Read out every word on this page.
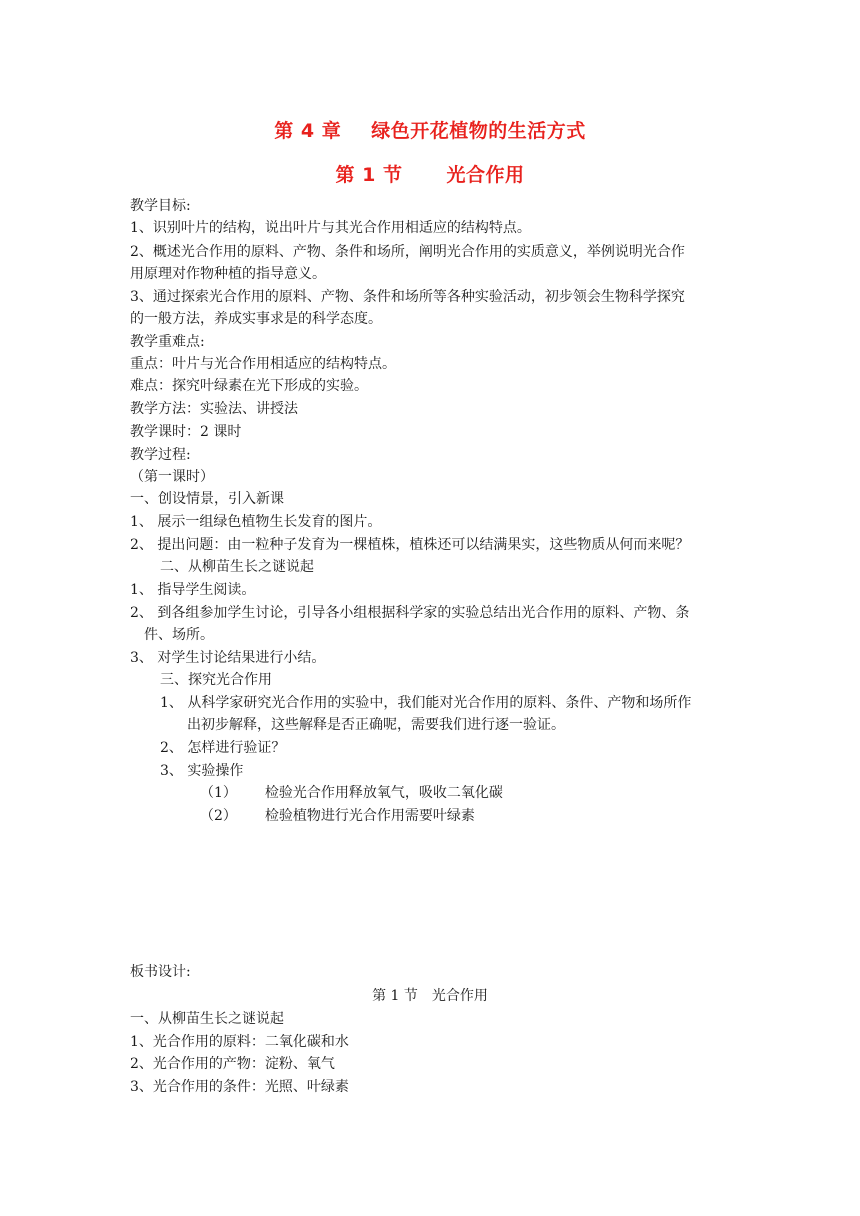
第 4 章 绿色开花植物的生活方式
第 1 节 光合作用
教学目标:
1、识别叶片的结构，说出叶片与其光合作用相适应的结构特点。
2、概述光合作用的原料、产物、条件和场所，阐明光合作用的实质意义，举例说明光合作
用原理对作物种植的指导意义。
3、通过探索光合作用的原料、产物、条件和场所等各种实验活动，初步领会生物科学探究
的一般方法，养成实事求是的科学态度。
教学重难点:
重点：叶片与光合作用相适应的结构特点。
难点：探究叶绿素在光下形成的实验。
教学方法：实验法、讲授法
教学课时：2 课时
教学过程:
（第一课时）
一、创设情景，引入新课
1、 展示一组绿色植物生长发育的图片。
2、 提出问题：由一粒种子发育为一棵植株，植株还可以结满果实，这些物质从何而来呢？
二、从柳苗生长之谜说起
1、 指导学生阅读。
2、 到各组参加学生讨论，引导各小组根据科学家的实验总结出光合作用的原料、产物、条
件、场所。
3、 对学生讨论结果进行小结。
三、探究光合作用
1、 从科学家研究光合作用的实验中，我们能对光合作用的原料、条件、产物和场所作
出初步解释，这些解释是否正确呢，需要我们进行逐一验证。
2、 怎样进行验证？
3、 实验操作
（1） 检验光合作用释放氧气，吸收二氧化碳
（2） 检验植物进行光合作用需要叶绿素
板书设计:
第 1 节 光合作用
一、从柳苗生长之谜说起
1、光合作用的原料：二氧化碳和水
2、光合作用的产物：淀粉、氧气
3、光合作用的条件：光照、叶绿素
